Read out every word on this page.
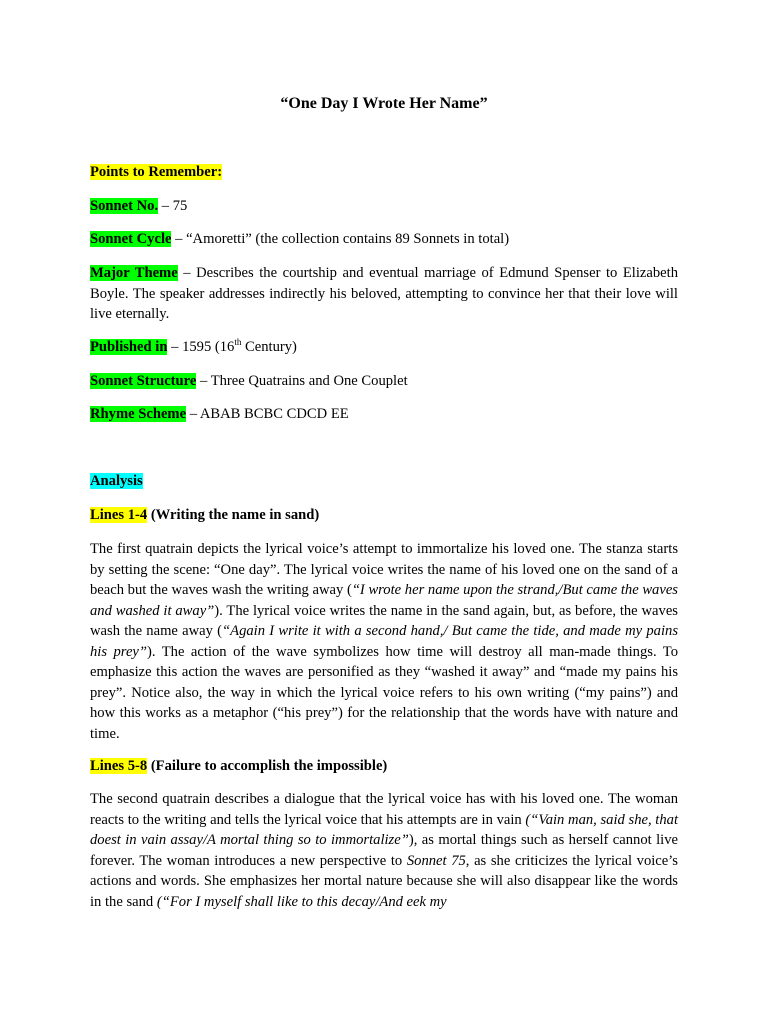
“One Day I Wrote Her Name”

Points to Remember:

Sonnet No. – 75

Sonnet Cycle – “Amoretti” (the collection contains 89 Sonnets in total)

Major Theme – Describes the courtship and eventual marriage of Edmund Spenser to Elizabeth Boyle. The speaker addresses indirectly his beloved, attempting to convince her that their love will live eternally.

Published in – 1595 (16th Century)

Sonnet Structure – Three Quatrains and One Couplet

Rhyme Scheme – ABAB BCBC CDCD EE

Analysis

Lines 1-4 (Writing the name in sand)

The first quatrain depicts the lyrical voice’s attempt to immortalize his loved one. The stanza starts by setting the scene: “One day”. The lyrical voice writes the name of his loved one on the sand of a beach but the waves wash the writing away (“I wrote her name upon the strand,/But came the waves and washed it away”). The lyrical voice writes the name in the sand again, but, as before, the waves wash the name away (“Again I write it with a second hand,/ But came the tide, and made my pains his prey”). The action of the wave symbolizes how time will destroy all man-made things. To emphasize this action the waves are personified as they “washed it away” and “made my pains his prey”. Notice also, the way in which the lyrical voice refers to his own writing (“my pains”) and how this works as a metaphor (“his prey”) for the relationship that the words have with nature and time.

Lines 5-8 (Failure to accomplish the impossible)

The second quatrain describes a dialogue that the lyrical voice has with his loved one. The woman reacts to the writing and tells the lyrical voice that his attempts are in vain (“Vain man, said she, that doest in vain assay/A mortal thing so to immortalize”), as mortal things such as herself cannot live forever. The woman introduces a new perspective to Sonnet 75, as she criticizes the lyrical voice’s actions and words. She emphasizes her mortal nature because she will also disappear like the words in the sand (“For I myself shall like to this decay/And eek my
